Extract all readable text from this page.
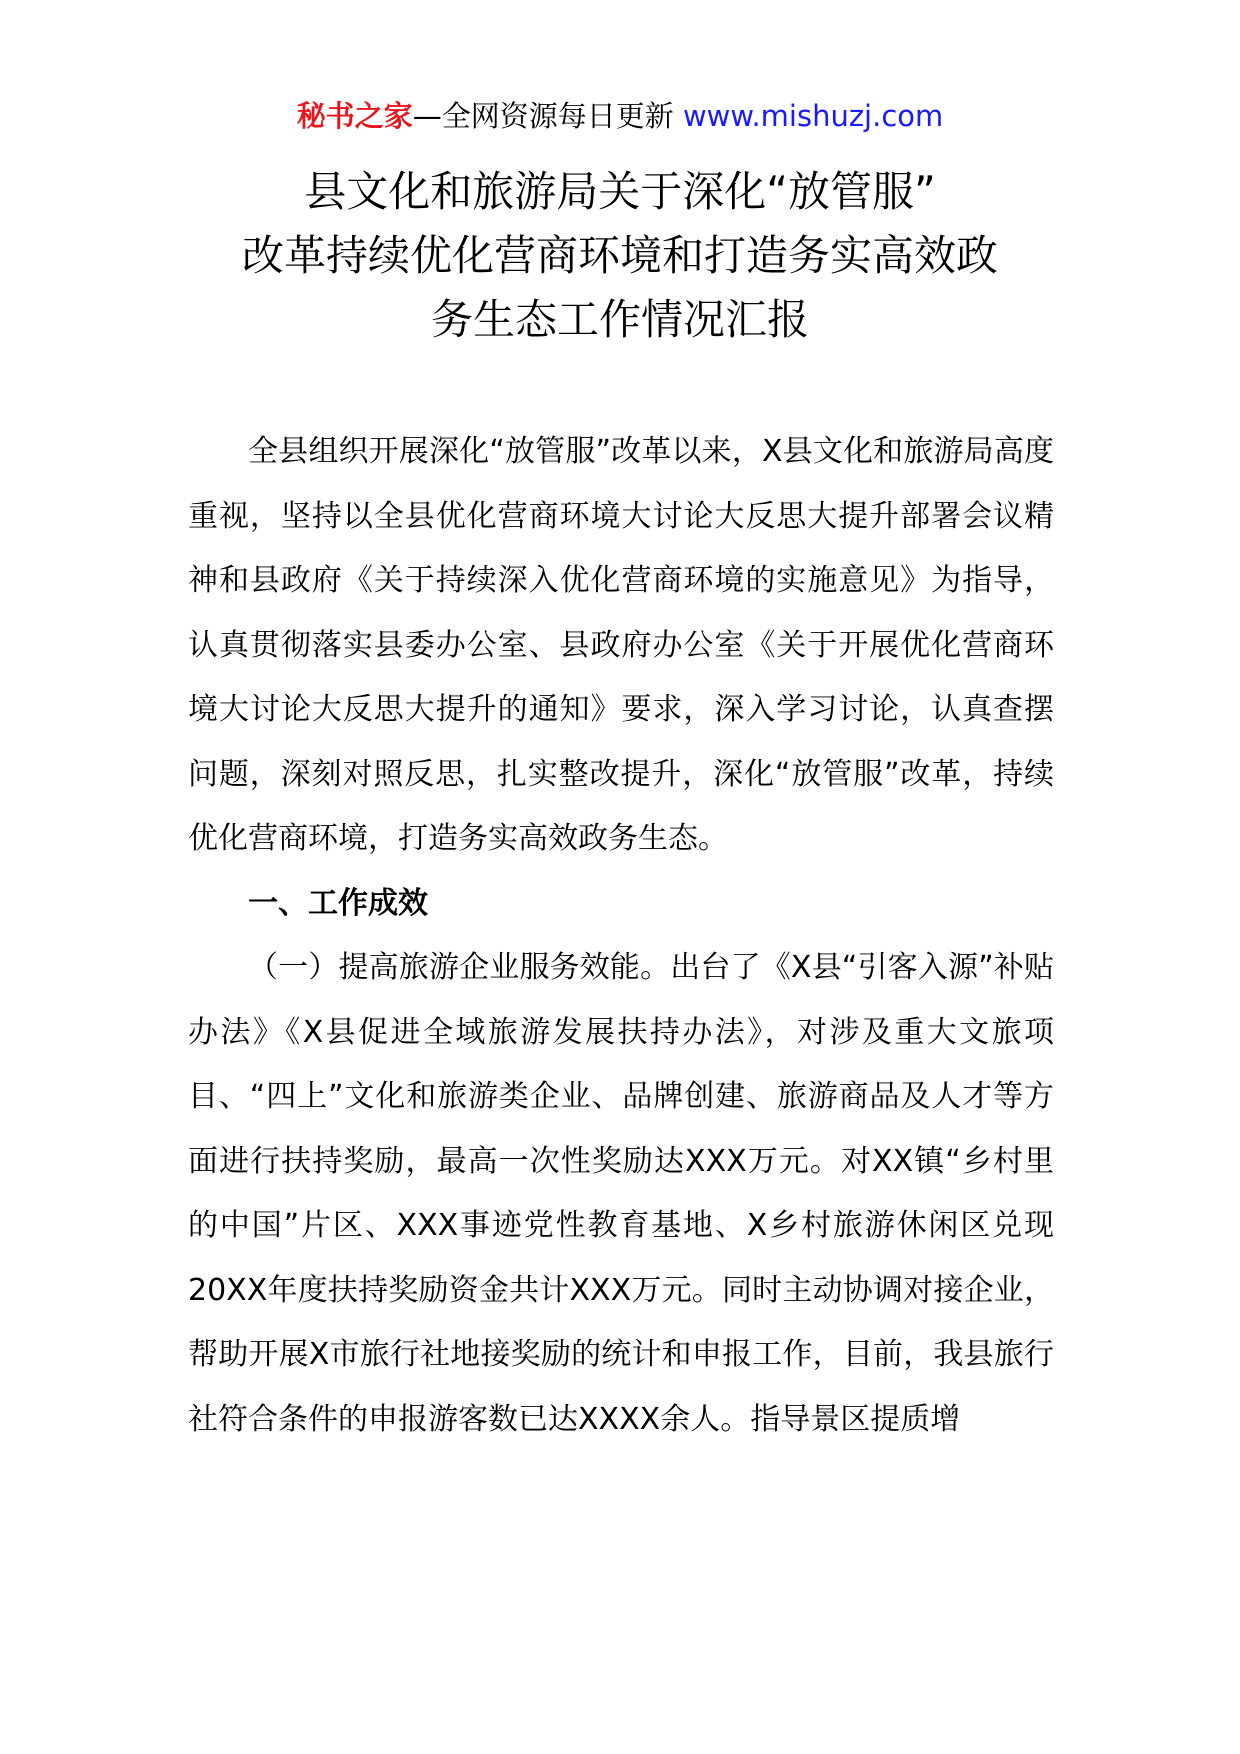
秘书之家—全网资源每日更新 www.mishuzj.com
县文化和旅游局关于深化“放管服”
改革持续优化营商环境和打造务实高效政
务生态工作情况汇报

全县组织开展深化“放管服”改革以来，X县文化和旅游局高度重视，坚持以全县优化营商环境大讨论大反思大提升部署会议精神和县政府《关于持续深入优化营商环境的实施意见》为指导，认真贯彻落实县委办公室、县政府办公室《关于开展优化营商环境大讨论大反思大提升的通知》要求，深入学习讨论，认真查摆问题，深刻对照反思，扎实整改提升，深化“放管服”改革，持续优化营商环境，打造务实高效政务生态。

一、工作成效

（一）提高旅游企业服务效能。出台了《X县“引客入源”补贴办法》《X县促进全域旅游发展扶持办法》，对涉及重大文旅项目、“四上”文化和旅游类企业、品牌创建、旅游商品及人才等方面进行扶持奖励，最高一次性奖励达XXX万元。对XX镇“乡村里的中国”片区、XXX事迹党性教育基地、X乡村旅游休闲区兑现20XX年度扶持奖励资金共计XXX万元。同时主动协调对接企业，帮助开展X市旅行社地接奖励的统计和申报工作，目前，我县旅行社符合条件的申报游客数已达XXXX余人。指导景区提质增
